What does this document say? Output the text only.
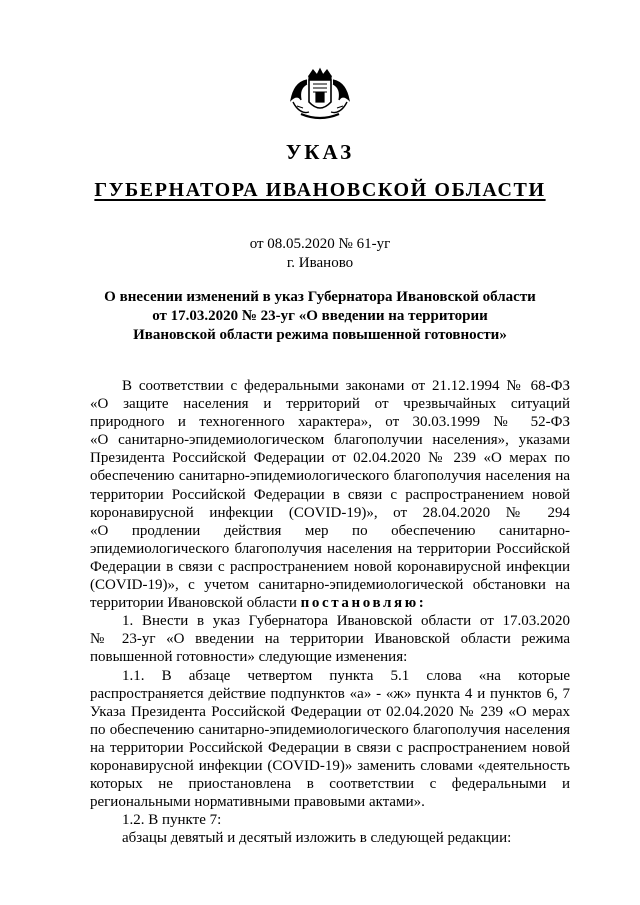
УКАЗ
ГУБЕРНАТОРА ИВАНОВСКОЙ ОБЛАСТИ
от 08.05.2020 № 61-уг
г. Иваново
О внесении изменений в указ Губернатора Ивановской области
от 17.03.2020 № 23-уг «О введении на территории
Ивановской области режима повышенной готовности»

В соответствии с федеральными законами от 21.12.1994 № 68-ФЗ

«О защите населения и территорий от чрезвычайных ситуаций

природного и техногенного характера», от 30.03.1999 № 52-ФЗ

«О санитарно-эпидемиологическом благополучии населения», указами

Президента Российской Федерации от 02.04.2020 № 239 «О мерах по

обеспечению санитарно-эпидемиологического благополучия населения на

территории Российской Федерации в связи с распространением новой

коронавирусной инфекции (COVID-19)», от 28.04.2020 № 294

«О продлении действия мер по обеспечению санитарно-

эпидемиологического благополучия населения на территории Российской

Федерации в связи с распространением новой коронавирусной инфекции

(COVID-19)», с учетом санитарно-эпидемиологической обстановки на

территории Ивановской области постановляю:

1. Внести в указ Губернатора Ивановской области от 17.03.2020

№ 23-уг «О введении на территории Ивановской области режима

повышенной готовности» следующие изменения:

1.1. В абзаце четвертом пункта 5.1 слова «на которые

распространяется действие подпунктов «а» - «ж» пункта 4 и пунктов 6, 7

Указа Президента Российской Федерации от 02.04.2020 № 239 «О мерах

по обеспечению санитарно-эпидемиологического благополучия населения

на территории Российской Федерации в связи с распространением новой

коронавирусной инфекции (COVID-19)» заменить словами «деятельность

которых не приостановлена в соответствии с федеральными и

региональными нормативными правовыми актами».

1.2. В пункте 7:

абзацы девятый и десятый изложить в следующей редакции:
